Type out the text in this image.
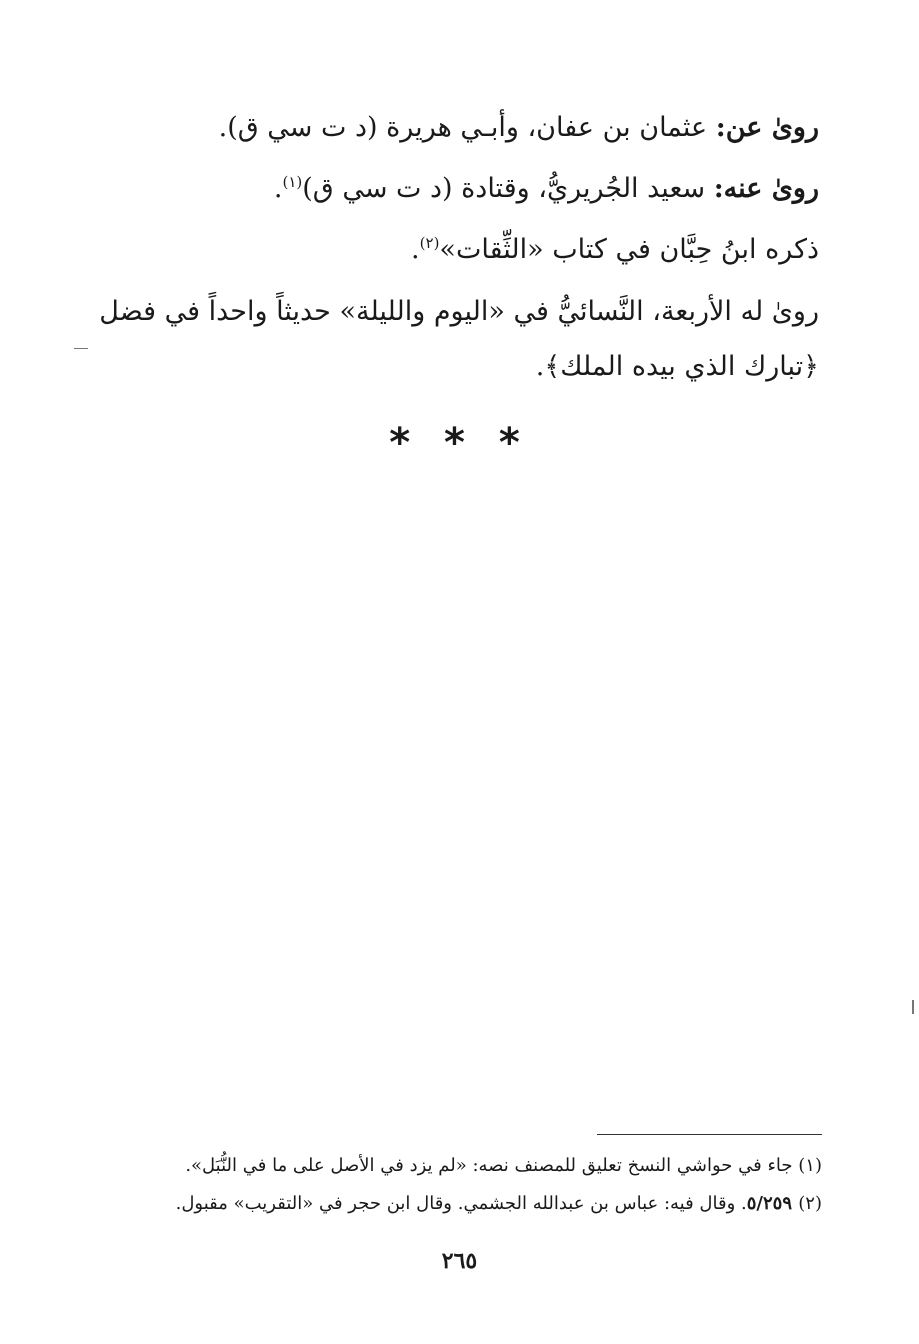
روىٰ عن: عثمان بن عفان، وأبـي هريرة (د ت سي ق).
روىٰ عنه: سعيد الجُريريُّ، وقتادة (د ت سي ق)$^{(١)}$.
ذكره ابنُ حِبَّان في كتاب «الثِّقات»$^{(٢)}$.
روىٰ له الأربعة، النَّسائيُّ في «اليوم والليلة» حديثاً واحداً في فضل
﴿تبارك الذي بيده الملك﴾.
* * *
(١) جاء في حواشي النسخ تعليق للمصنف نصه: «لم يزد في الأصل على ما في النُّبَل».
(٢) ٥/٢٥٩. وقال فيه: عباس بن عبدالله الجشمي. وقال ابن حجر في «التقريب» مقبول.
٢٦٥
